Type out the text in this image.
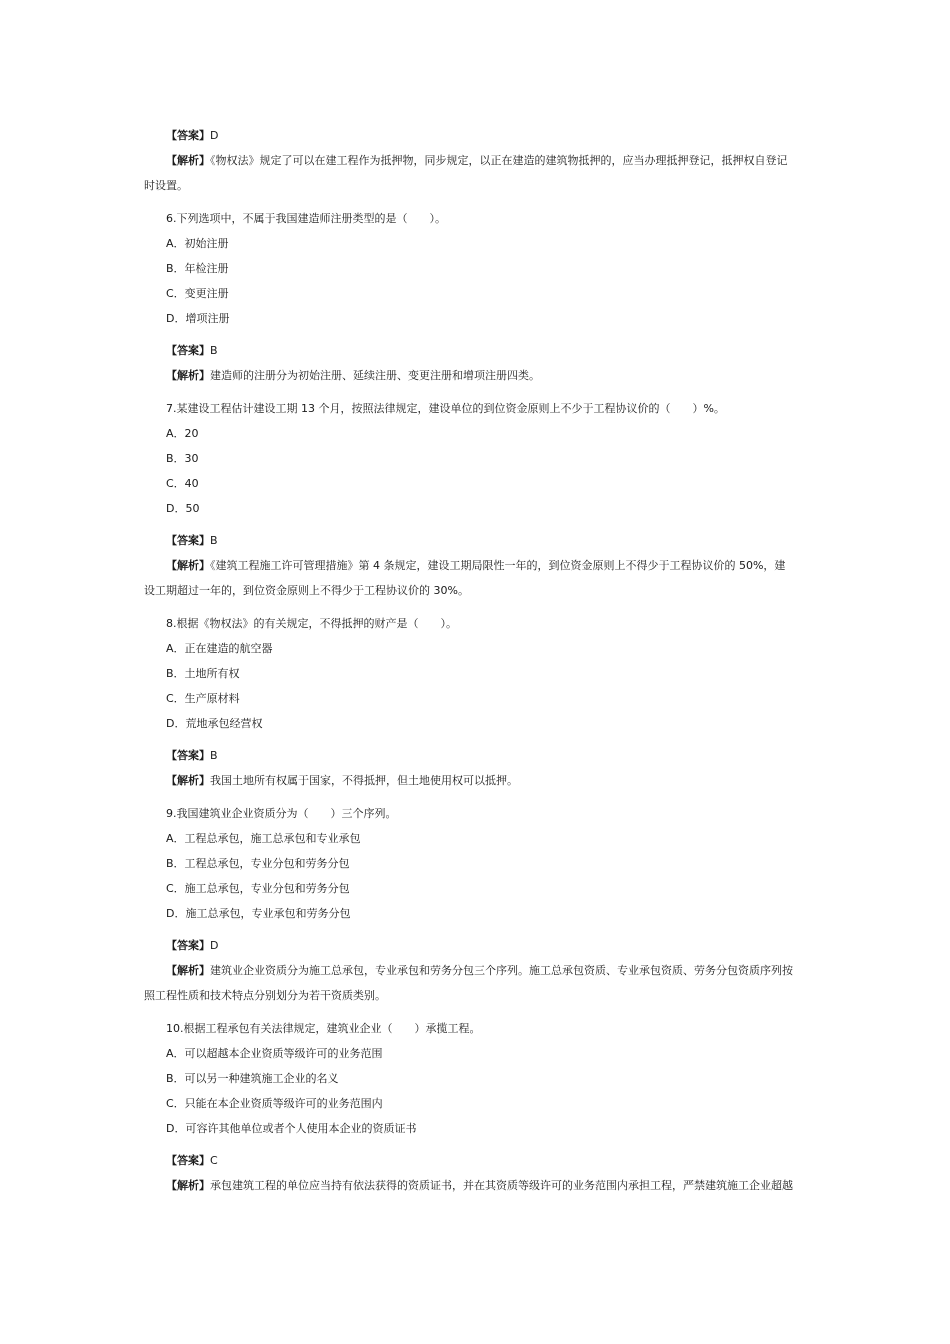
【答案】D
【解析】《物权法》规定了可以在建工程作为抵押物，同步规定，以正在建造的建筑物抵押的，应当办理抵押登记，抵押权自登记
时设置。
6.下列选项中，不属于我国建造师注册类型的是（　　）。
A．初始注册
B．年检注册
C．变更注册
D．增项注册
【答案】B
【解析】建造师的注册分为初始注册、延续注册、变更注册和增项注册四类。
7.某建设工程估计建设工期 13 个月，按照法律规定，建设单位的到位资金原则上不少于工程协议价的（　　）%。
A．20
B．30
C．40
D．50
【答案】B
【解析】《建筑工程施工许可管理措施》第 4 条规定，建设工期局限性一年的，到位资金原则上不得少于工程协议价的 50%，建
设工期超过一年的，到位资金原则上不得少于工程协议价的 30%。
8.根据《物权法》的有关规定，不得抵押的财产是（　　）。
A．正在建造的航空器
B．土地所有权
C．生产原材料
D．荒地承包经营权
【答案】B
【解析】我国土地所有权属于国家，不得抵押，但土地使用权可以抵押。
9.我国建筑业企业资质分为（　　）三个序列。
A．工程总承包，施工总承包和专业承包
B．工程总承包，专业分包和劳务分包
C．施工总承包，专业分包和劳务分包
D．施工总承包，专业承包和劳务分包
【答案】D
【解析】建筑业企业资质分为施工总承包，专业承包和劳务分包三个序列。施工总承包资质、专业承包资质、劳务分包资质序列按
照工程性质和技术特点分别划分为若干资质类别。
10.根据工程承包有关法律规定，建筑业企业（　　）承揽工程。
A．可以超越本企业资质等级许可的业务范围
B．可以另一种建筑施工企业的名义
C．只能在本企业资质等级许可的业务范围内
D．可容许其他单位或者个人使用本企业的资质证书
【答案】C
【解析】承包建筑工程的单位应当持有依法获得的资质证书，并在其资质等级许可的业务范围内承担工程，严禁建筑施工企业超越
